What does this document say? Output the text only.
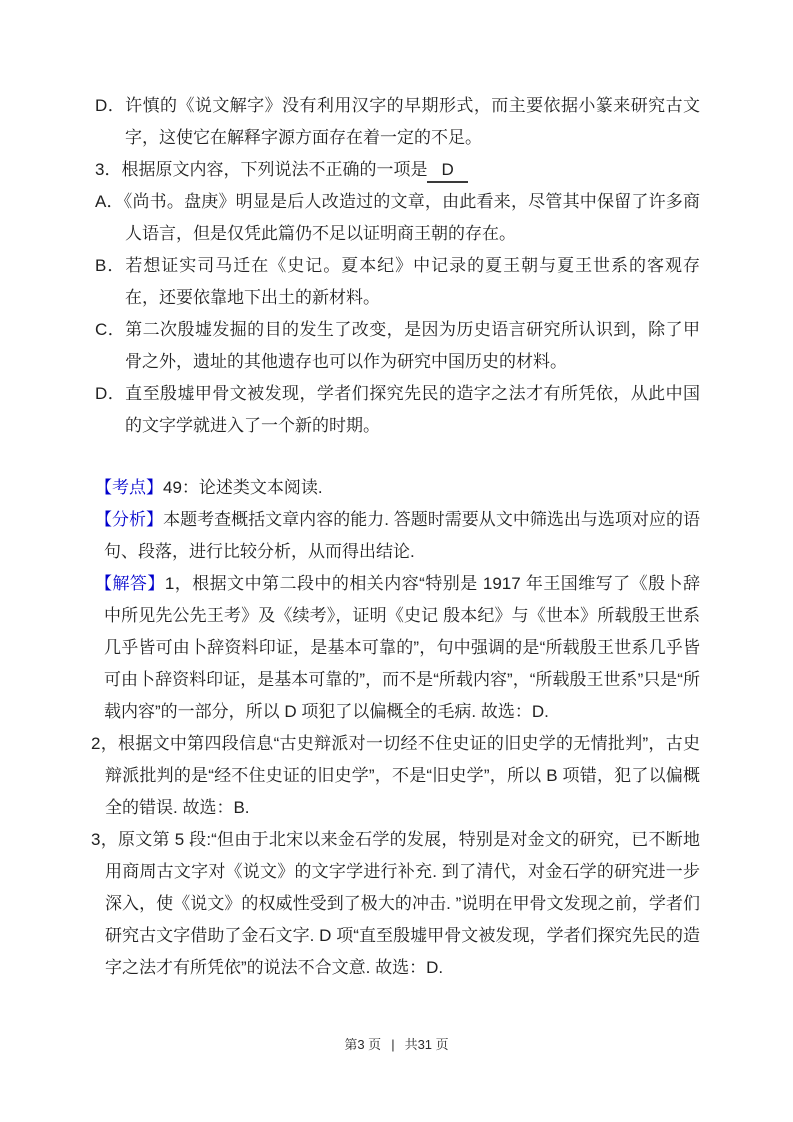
D．许慎的《说文解字》没有利用汉字的早期形式，而主要依据小篆来研究古文字，这使它在解释字源方面存在着一定的不足。

3．根据原文内容，下列说法不正确的一项是 D

A．《尚书。盘庚》明显是后人改造过的文章，由此看来，尽管其中保留了许多商人语言，但是仅凭此篇仍不足以证明商王朝的存在。

B．若想证实司马迁在《史记。夏本纪》中记录的夏王朝与夏王世系的客观存在，还要依靠地下出土的新材料。

C．第二次殷墟发掘的目的发生了改变，是因为历史语言研究所认识到，除了甲骨之外，遗址的其他遗存也可以作为研究中国历史的材料。

D．直至殷墟甲骨文被发现，学者们探究先民的造字之法才有所凭依，从此中国的文字学就进入了一个新的时期。

【考点】49：论述类文本阅读.

【分析】本题考查概括文章内容的能力. 答题时需要从文中筛选出与选项对应的语句、段落，进行比较分析，从而得出结论.

【解答】1，根据文中第二段中的相关内容“特别是 1917 年王国维写了《殷卜辞中所见先公先王考》及《续考》，证明《史记 殷本纪》与《世本》所载殷王世系几乎皆可由卜辞资料印证，是基本可靠的”，句中强调的是“所载殷王世系几乎皆可由卜辞资料印证，是基本可靠的”，而不是“所载内容”，“所载殷王世系”只是“所载内容”的一部分，所以 D 项犯了以偏概全的毛病. 故选：D.

2，根据文中第四段信息“古史辩派对一切经不住史证的旧史学的无情批判”，古史辩派批判的是“经不住史证的旧史学”，不是“旧史学”，所以 B 项错，犯了以偏概全的错误. 故选：B.

3，原文第 5 段:“但由于北宋以来金石学的发展，特别是对金文的研究，已不断地用商周古文字对《说文》的文字学进行补充. 到了清代，对金石学的研究进一步深入，使《说文》的权威性受到了极大的冲击. ”说明在甲骨文发现之前，学者们研究古文字借助了金石文字. D 项“直至殷墟甲骨文被发现，学者们探究先民的造字之法才有所凭依”的说法不合文意. 故选：D.

第3 页 | 共31 页
